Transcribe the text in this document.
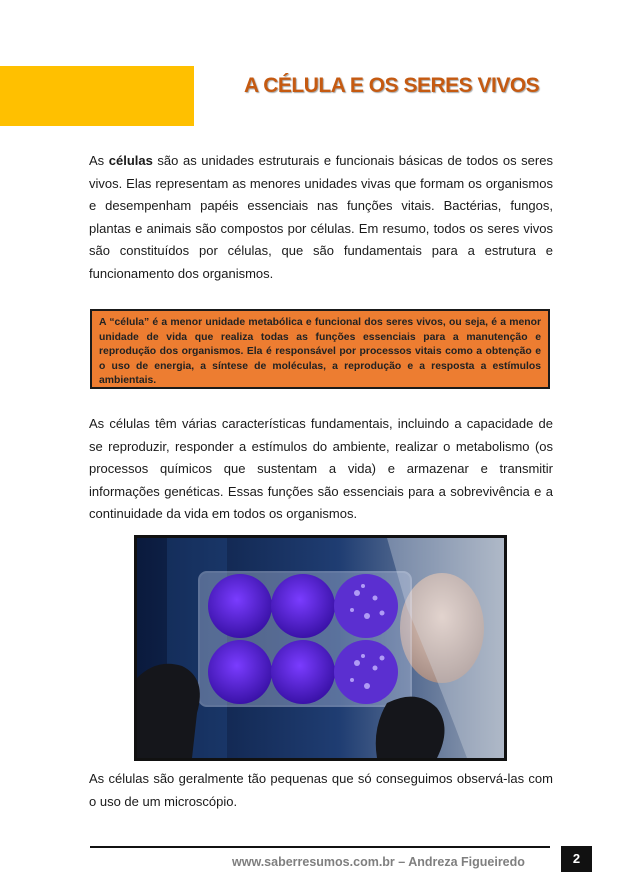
A CÉLULA E OS SERES VIVOS

As células são as unidades estruturais e funcionais básicas de todos os seres vivos. Elas representam as menores unidades vivas que formam os organismos e desempenham papéis essenciais nas funções vitais. Bactérias, fungos, plantas e animais são compostos por células. Em resumo, todos os seres vivos são constituídos por células, que são fundamentais para a estrutura e funcionamento dos organismos.

A “célula” é a menor unidade metabólica e funcional dos seres vivos, ou seja, é a menor unidade de vida que realiza todas as funções essenciais para a manutenção e reprodução dos organismos. Ela é responsável por processos vitais como a obtenção e o uso de energia, a síntese de moléculas, a reprodução e a resposta a estímulos ambientais.

As células têm várias características fundamentais, incluindo a capacidade de se reproduzir, responder a estímulos do ambiente, realizar o metabolismo (os processos químicos que sustentam a vida) e armazenar e transmitir informações genéticas. Essas funções são essenciais para a sobrevivência e a continuidade da vida em todos os organismos.

As células são geralmente tão pequenas que só conseguimos observá-las com o uso de um microscópio.

www.saberresumos.com.br – Andreza Figueiredo	2
